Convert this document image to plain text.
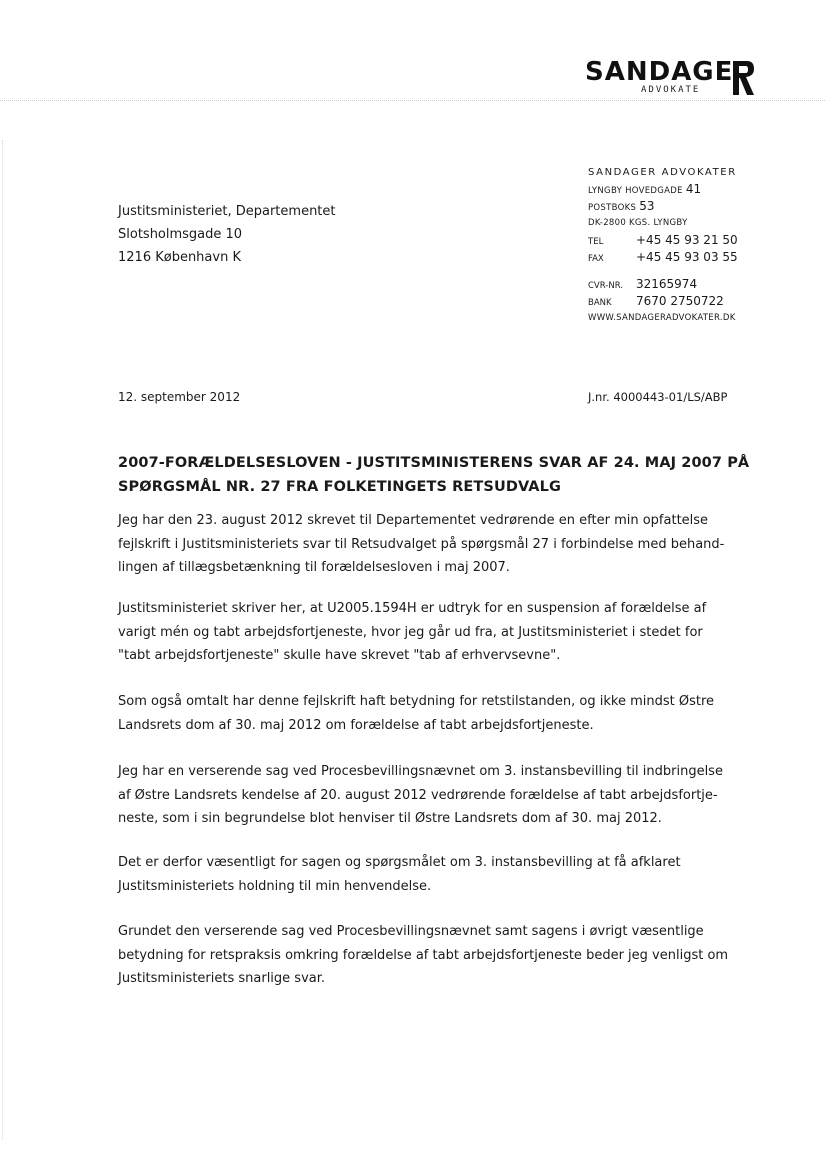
SANDAGE
ADVOKATE
Justitsministeriet, Departementet
Slotsholmsgade 10
1216 København K
SANDAGER ADVOKATER
LYNGBY HOVEDGADE 41
POSTBOKS 53
DK-2800 KGS. LYNGBY
TEL	+45 45 93 21 50
FAX	+45 45 93 03 55
CVR-NR. 32165974
BANK 7670 2750722
WWW.SANDAGERADVOKATER.DK
12. september 2012	J.nr. 4000443-01/LS/ABP
2007-FORÆLDELSESLOVEN - JUSTITSMINISTERENS SVAR AF 24. MAJ 2007 PÅ
SPØRGSMÅL NR. 27 FRA FOLKETINGETS RETSUDVALG
Jeg har den 23. august 2012 skrevet til Departementet vedrørende en efter min opfattelse
fejlskrift i Justitsministeriets svar til Retsudvalget på spørgsmål 27 i forbindelse med behand-
lingen af tillægsbetænkning til forældelsesloven i maj 2007.
Justitsministeriet skriver her, at U2005.1594H er udtryk for en suspension af forældelse af
varigt mén og tabt arbejdsfortjeneste, hvor jeg går ud fra, at Justitsministeriet i stedet for
"tabt arbejdsfortjeneste" skulle have skrevet "tab af erhvervsevne".
Som også omtalt har denne fejlskrift haft betydning for retstilstanden, og ikke mindst Østre
Landsrets dom af 30. maj 2012 om forældelse af tabt arbejdsfortjeneste.
Jeg har en verserende sag ved Procesbevillingsnævnet om 3. instansbevilling til indbringelse
af Østre Landsrets kendelse af 20. august 2012 vedrørende forældelse af tabt arbejdsfortje-
neste, som i sin begrundelse blot henviser til Østre Landsrets dom af 30. maj 2012.
Det er derfor væsentligt for sagen og spørgsmålet om 3. instansbevilling at få afklaret
Justitsministeriets holdning til min henvendelse.
Grundet den verserende sag ved Procesbevillingsnævnet samt sagens i øvrigt væsentlige
betydning for retspraksis omkring forældelse af tabt arbejdsfortjeneste beder jeg venligst om
Justitsministeriets snarlige svar.
